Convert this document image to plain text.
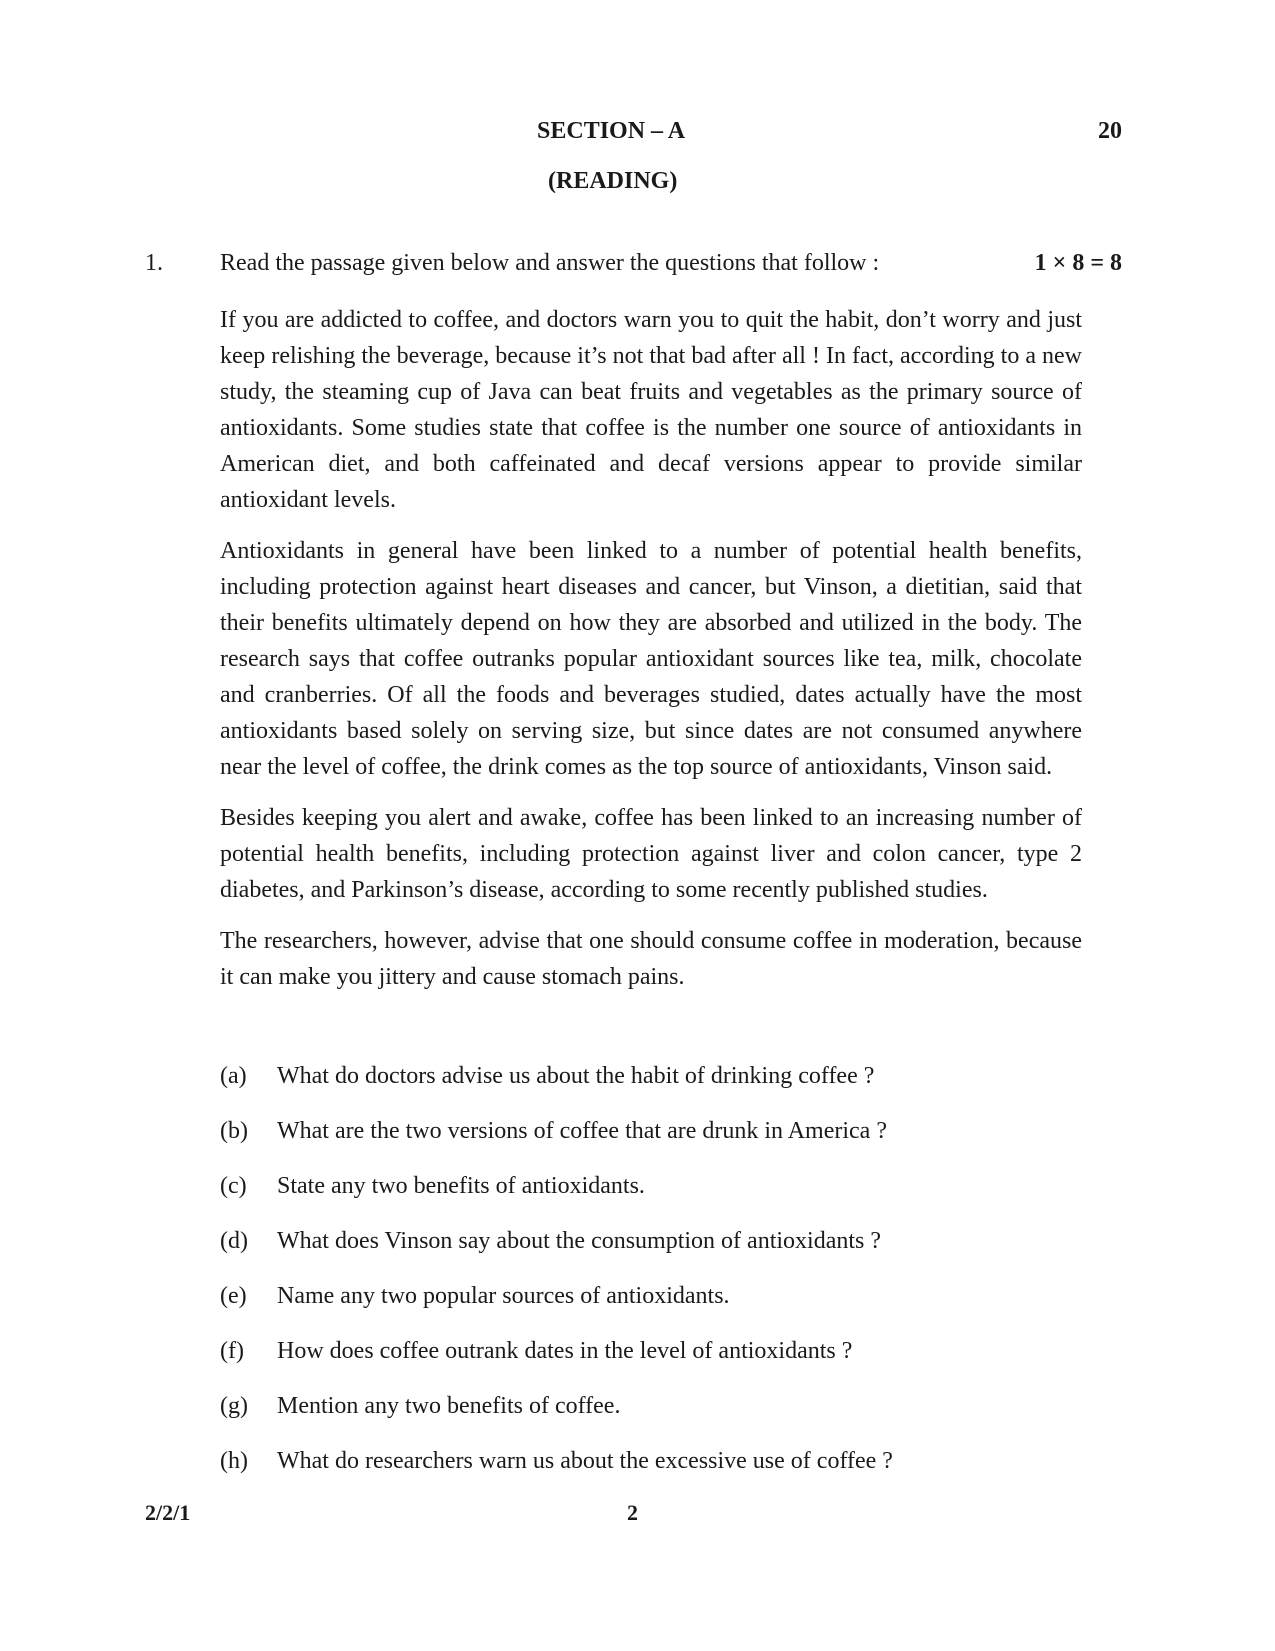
SECTION – A	20
(READING)
1. Read the passage given below and answer the questions that follow :	1 × 8 = 8

If you are addicted to coffee, and doctors warn you to quit the habit, don’t worry and just keep relishing the beverage, because it’s not that bad after all ! In fact, according to a new study, the steaming cup of Java can beat fruits and vegetables as the primary source of antioxidants. Some studies state that coffee is the number one source of antioxidants in American diet, and both caffeinated and decaf versions appear to provide similar antioxidant levels.

Antioxidants in general have been linked to a number of potential health benefits, including protection against heart diseases and cancer, but Vinson, a dietitian, said that their benefits ultimately depend on how they are absorbed and utilized in the body. The research says that coffee outranks popular antioxidant sources like tea, milk, chocolate and cranberries. Of all the foods and beverages studied, dates actually have the most antioxidants based solely on serving size, but since dates are not consumed anywhere near the level of coffee, the drink comes as the top source of antioxidants, Vinson said.

Besides keeping you alert and awake, coffee has been linked to an increasing number of potential health benefits, including protection against liver and colon cancer, type 2 diabetes, and Parkinson’s disease, according to some recently published studies.

The researchers, however, advise that one should consume coffee in moderation, because it can make you jittery and cause stomach pains.

(a)	What do doctors advise us about the habit of drinking coffee ?
(b)	What are the two versions of coffee that are drunk in America ?
(c)	State any two benefits of antioxidants.
(d)	What does Vinson say about the consumption of antioxidants ?
(e)	Name any two popular sources of antioxidants.
(f)	How does coffee outrank dates in the level of antioxidants ?
(g)	Mention any two benefits of coffee.
(h)	What do researchers warn us about the excessive use of coffee ?
2/2/1	2
